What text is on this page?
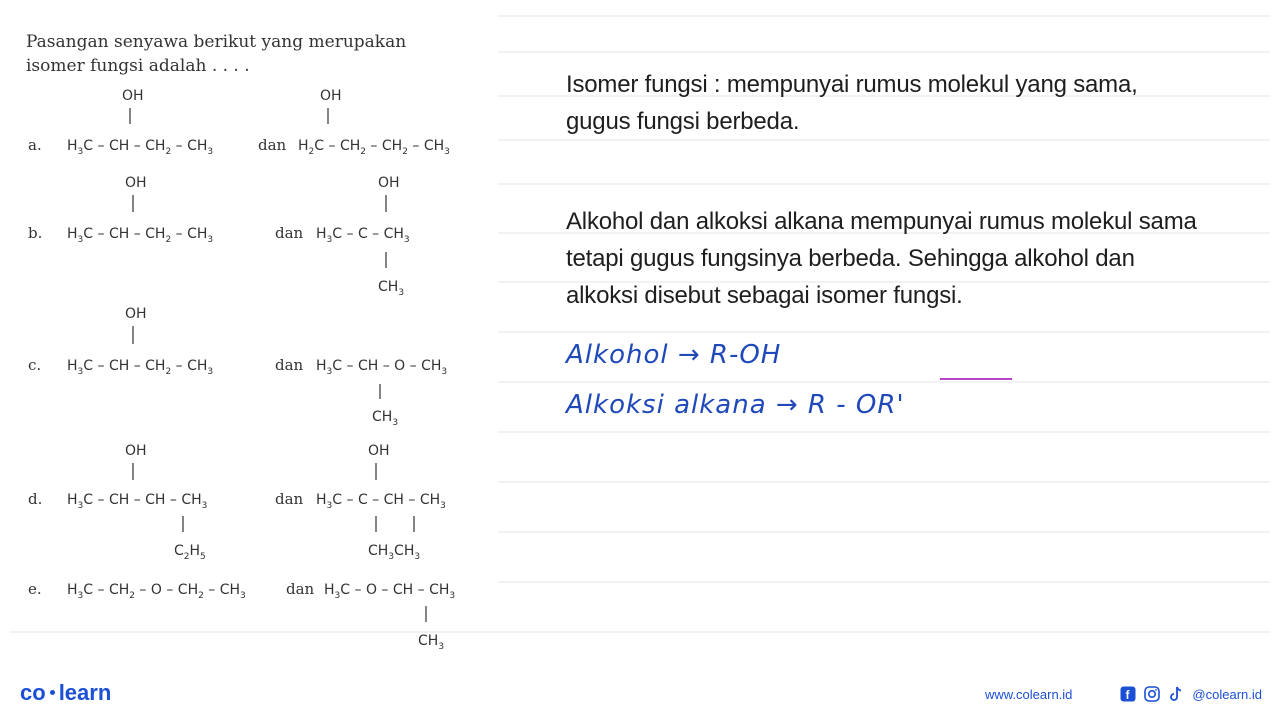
Pasangan senyawa berikut yang merupakan
isomer fungsi adalah . . . .
a.
OH
$H_3C$ – CH – $CH_2 - CH_3$	dan
OH
$H_2C - CH_2 - CH_2 - CH_3$
b.
OH
$H_3C$ – CH – $CH_2 - CH_3$	dan
OH
$H_3C$ – C – $CH_3$
$CH_3$
c.
OH
$H_3C$ – CH – $CH_2 - CH_3$	dan $H_3C$ – CH – O – $CH_3$
$CH_3$
d.
OH
$H_3C$ – CH – CH – $CH_3$
$C_2H_5$
dan
OH
$H_3C$ – C – CH – $CH_3$
$CH_3CH_3$
e. $H_3C - CH_2$ – O – $CH_2 - CH_3$	dan $H_3C$ – O – CH – $CH_3$
$CH_3$
Isomer fungsi : mempunyai rumus molekul yang sama,
gugus fungsi berbeda.
Alkohol dan alkoksi alkana mempunyai rumus molekul sama
tetapi gugus fungsinya berbeda. Sehingga alkohol dan
alkoksi disebut sebagai isomer fungsi.
Alkohol → R-OH
Alkoksi alkana → R - OR'
co learn	www.colearn.id	f	@colearn.id
